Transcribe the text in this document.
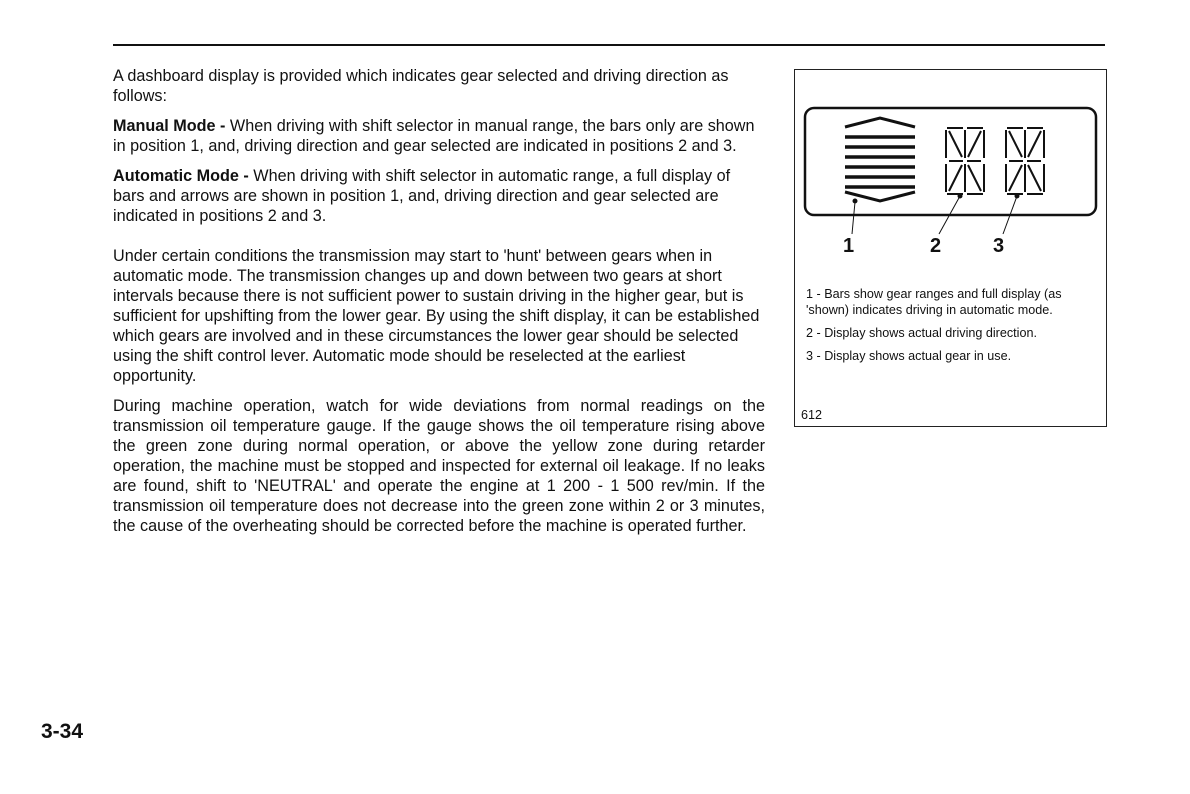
A dashboard display is provided which indicates gear selected and driving direction as follows:

Manual Mode - When driving with shift selector in manual range, the bars only are shown in position 1, and, driving direction and gear selected are indicated in positions 2 and 3.

Automatic Mode - When driving with shift selector in automatic range, a full display of bars and arrows are shown in position 1, and, driving direction and gear selected are indicated in positions 2 and 3.

Under certain conditions the transmission may start to 'hunt' between gears when in automatic mode. The transmission changes up and down between two gears at short intervals because there is not sufficient power to sustain driving in the higher gear, but is sufficient for upshifting from the lower gear. By using the shift display, it can be established which gears are involved and in these circumstances the lower gear should be selected using the shift control lever. Automatic mode should be reselected at the earliest opportunity.

During machine operation, watch for wide deviations from normal readings on the transmission oil temperature gauge. If the gauge shows the oil temperature rising above the green zone during normal operation, or above the yellow zone during retarder operation, the machine must be stopped and inspected for external oil leakage. If no leaks are found, shift to 'NEUTRAL' and operate the engine at 1 200 - 1 500 rev/min. If the transmission oil temperature does not decrease into the green zone within 2 or 3 minutes, the cause of the overheating should be corrected before the machine is operated further.

1	2	3
1 - Bars show gear ranges and full display (as 'shown) indicates driving in automatic mode.
2 - Display shows actual driving direction.
3 - Display shows actual gear in use.
612
3-34
